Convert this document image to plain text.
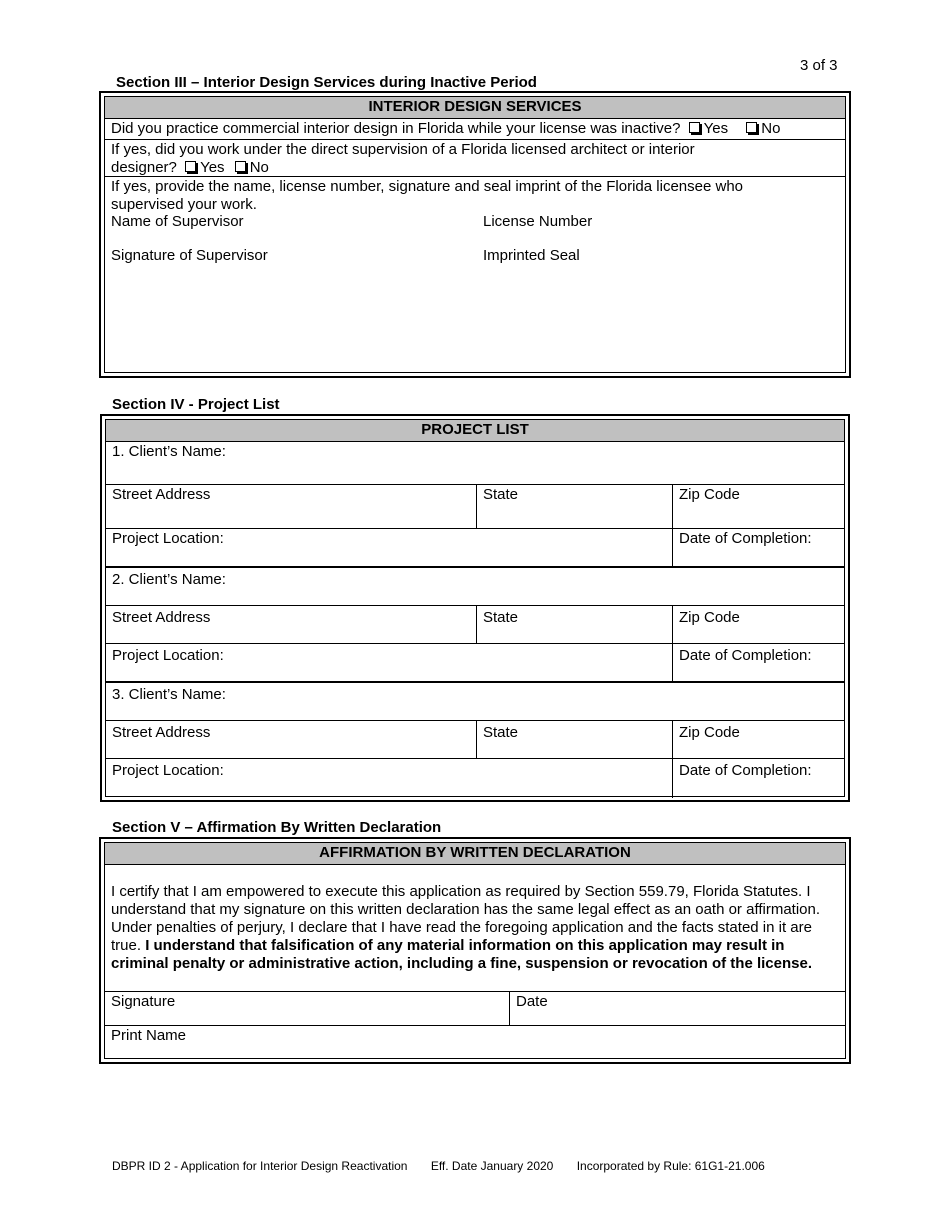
3 of 3
Section III – Interior Design Services during Inactive Period
INTERIOR DESIGN SERVICES
Did you practice commercial interior design in Florida while your license was inactive? Yes No
If yes, did you work under the direct supervision of a Florida licensed architect or interior
designer? Yes No
If yes, provide the name, license number, signature and seal imprint of the Florida licensee who
supervised your work.
Name of Supervisor	License Number
Signature of Supervisor	Imprinted Seal
Section IV - Project List
PROJECT LIST
1. Client’s Name:
Street Address	State	Zip Code
Project Location:	Date of Completion:
2. Client’s Name:
Street Address	State	Zip Code
Project Location:	Date of Completion:
3. Client’s Name:
Street Address	State	Zip Code
Project Location:	Date of Completion:
Section V – Affirmation By Written Declaration
AFFIRMATION BY WRITTEN DECLARATION
I certify that I am empowered to execute this application as required by Section 559.79, Florida Statutes. I understand that my signature on this written declaration has the same legal effect as an oath or affirmation. Under penalties of perjury, I declare that I have read the foregoing application and the facts stated in it are true. I understand that falsification of any material information on this application may result in criminal penalty or administrative action, including a fine, suspension or revocation of the license.
Signature	Date
Print Name
DBPR ID 2 - Application for Interior Design Reactivation Eff. Date January 2020 Incorporated by Rule: 61G1-21.006
